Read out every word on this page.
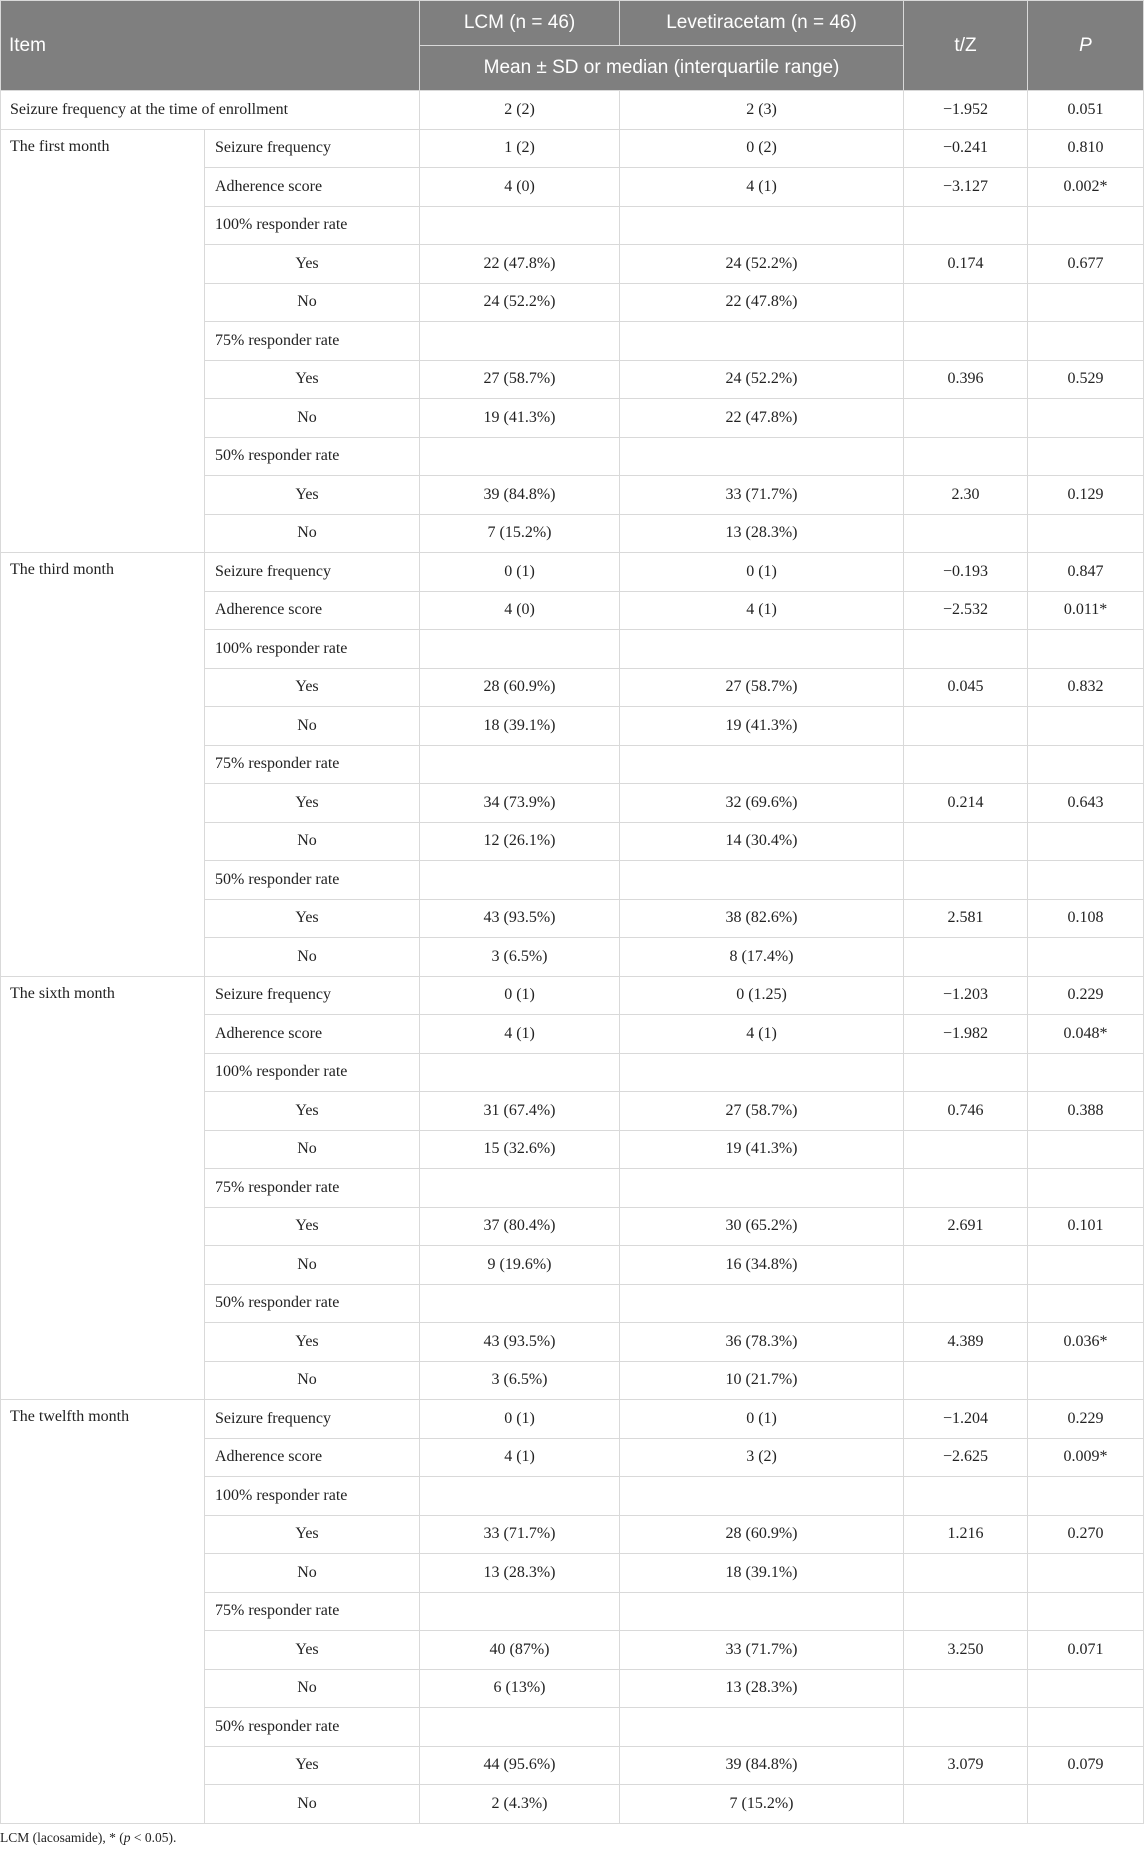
Item		LCM (n = 46)	Levetiracetam (n = 46)	t/Z	P
		Mean ± SD or median (interquartile range)			
Seizure frequency at the time of enrollment		2 (2)	2 (3)	−1.952	0.051
The first month	Seizure frequency	1 (2)	0 (2)	−0.241	0.810
	Adherence score	4 (0)	4 (1)	−3.127	0.002*
	100% responder rate				
	Yes	22 (47.8%)	24 (52.2%)	0.174	0.677
	No	24 (52.2%)	22 (47.8%)		
	75% responder rate				
	Yes	27 (58.7%)	24 (52.2%)	0.396	0.529
	No	19 (41.3%)	22 (47.8%)		
	50% responder rate				
	Yes	39 (84.8%)	33 (71.7%)	2.30	0.129
	No	7 (15.2%)	13 (28.3%)		
The third month	Seizure frequency	0 (1)	0 (1)	−0.193	0.847
	Adherence score	4 (0)	4 (1)	−2.532	0.011*
	100% responder rate				
	Yes	28 (60.9%)	27 (58.7%)	0.045	0.832
	No	18 (39.1%)	19 (41.3%)		
	75% responder rate				
	Yes	34 (73.9%)	32 (69.6%)	0.214	0.643
	No	12 (26.1%)	14 (30.4%)		
	50% responder rate				
	Yes	43 (93.5%)	38 (82.6%)	2.581	0.108
	No	3 (6.5%)	8 (17.4%)		
The sixth month	Seizure frequency	0 (1)	0 (1.25)	−1.203	0.229
	Adherence score	4 (1)	4 (1)	−1.982	0.048*
	100% responder rate				
	Yes	31 (67.4%)	27 (58.7%)	0.746	0.388
	No	15 (32.6%)	19 (41.3%)		
	75% responder rate				
	Yes	37 (80.4%)	30 (65.2%)	2.691	0.101
	No	9 (19.6%)	16 (34.8%)		
	50% responder rate				
	Yes	43 (93.5%)	36 (78.3%)	4.389	0.036*
	No	3 (6.5%)	10 (21.7%)		
The twelfth month	Seizure frequency	0 (1)	0 (1)	−1.204	0.229
	Adherence score	4 (1)	3 (2)	−2.625	0.009*
	100% responder rate				
	Yes	33 (71.7%)	28 (60.9%)	1.216	0.270
	No	13 (28.3%)	18 (39.1%)		
	75% responder rate				
	Yes	40 (87%)	33 (71.7%)	3.250	0.071
	No	6 (13%)	13 (28.3%)		
	50% responder rate				
	Yes	44 (95.6%)	39 (84.8%)	3.079	0.079
	No	2 (4.3%)	7 (15.2%)		
LCM (lacosamide), * (p < 0.05).
